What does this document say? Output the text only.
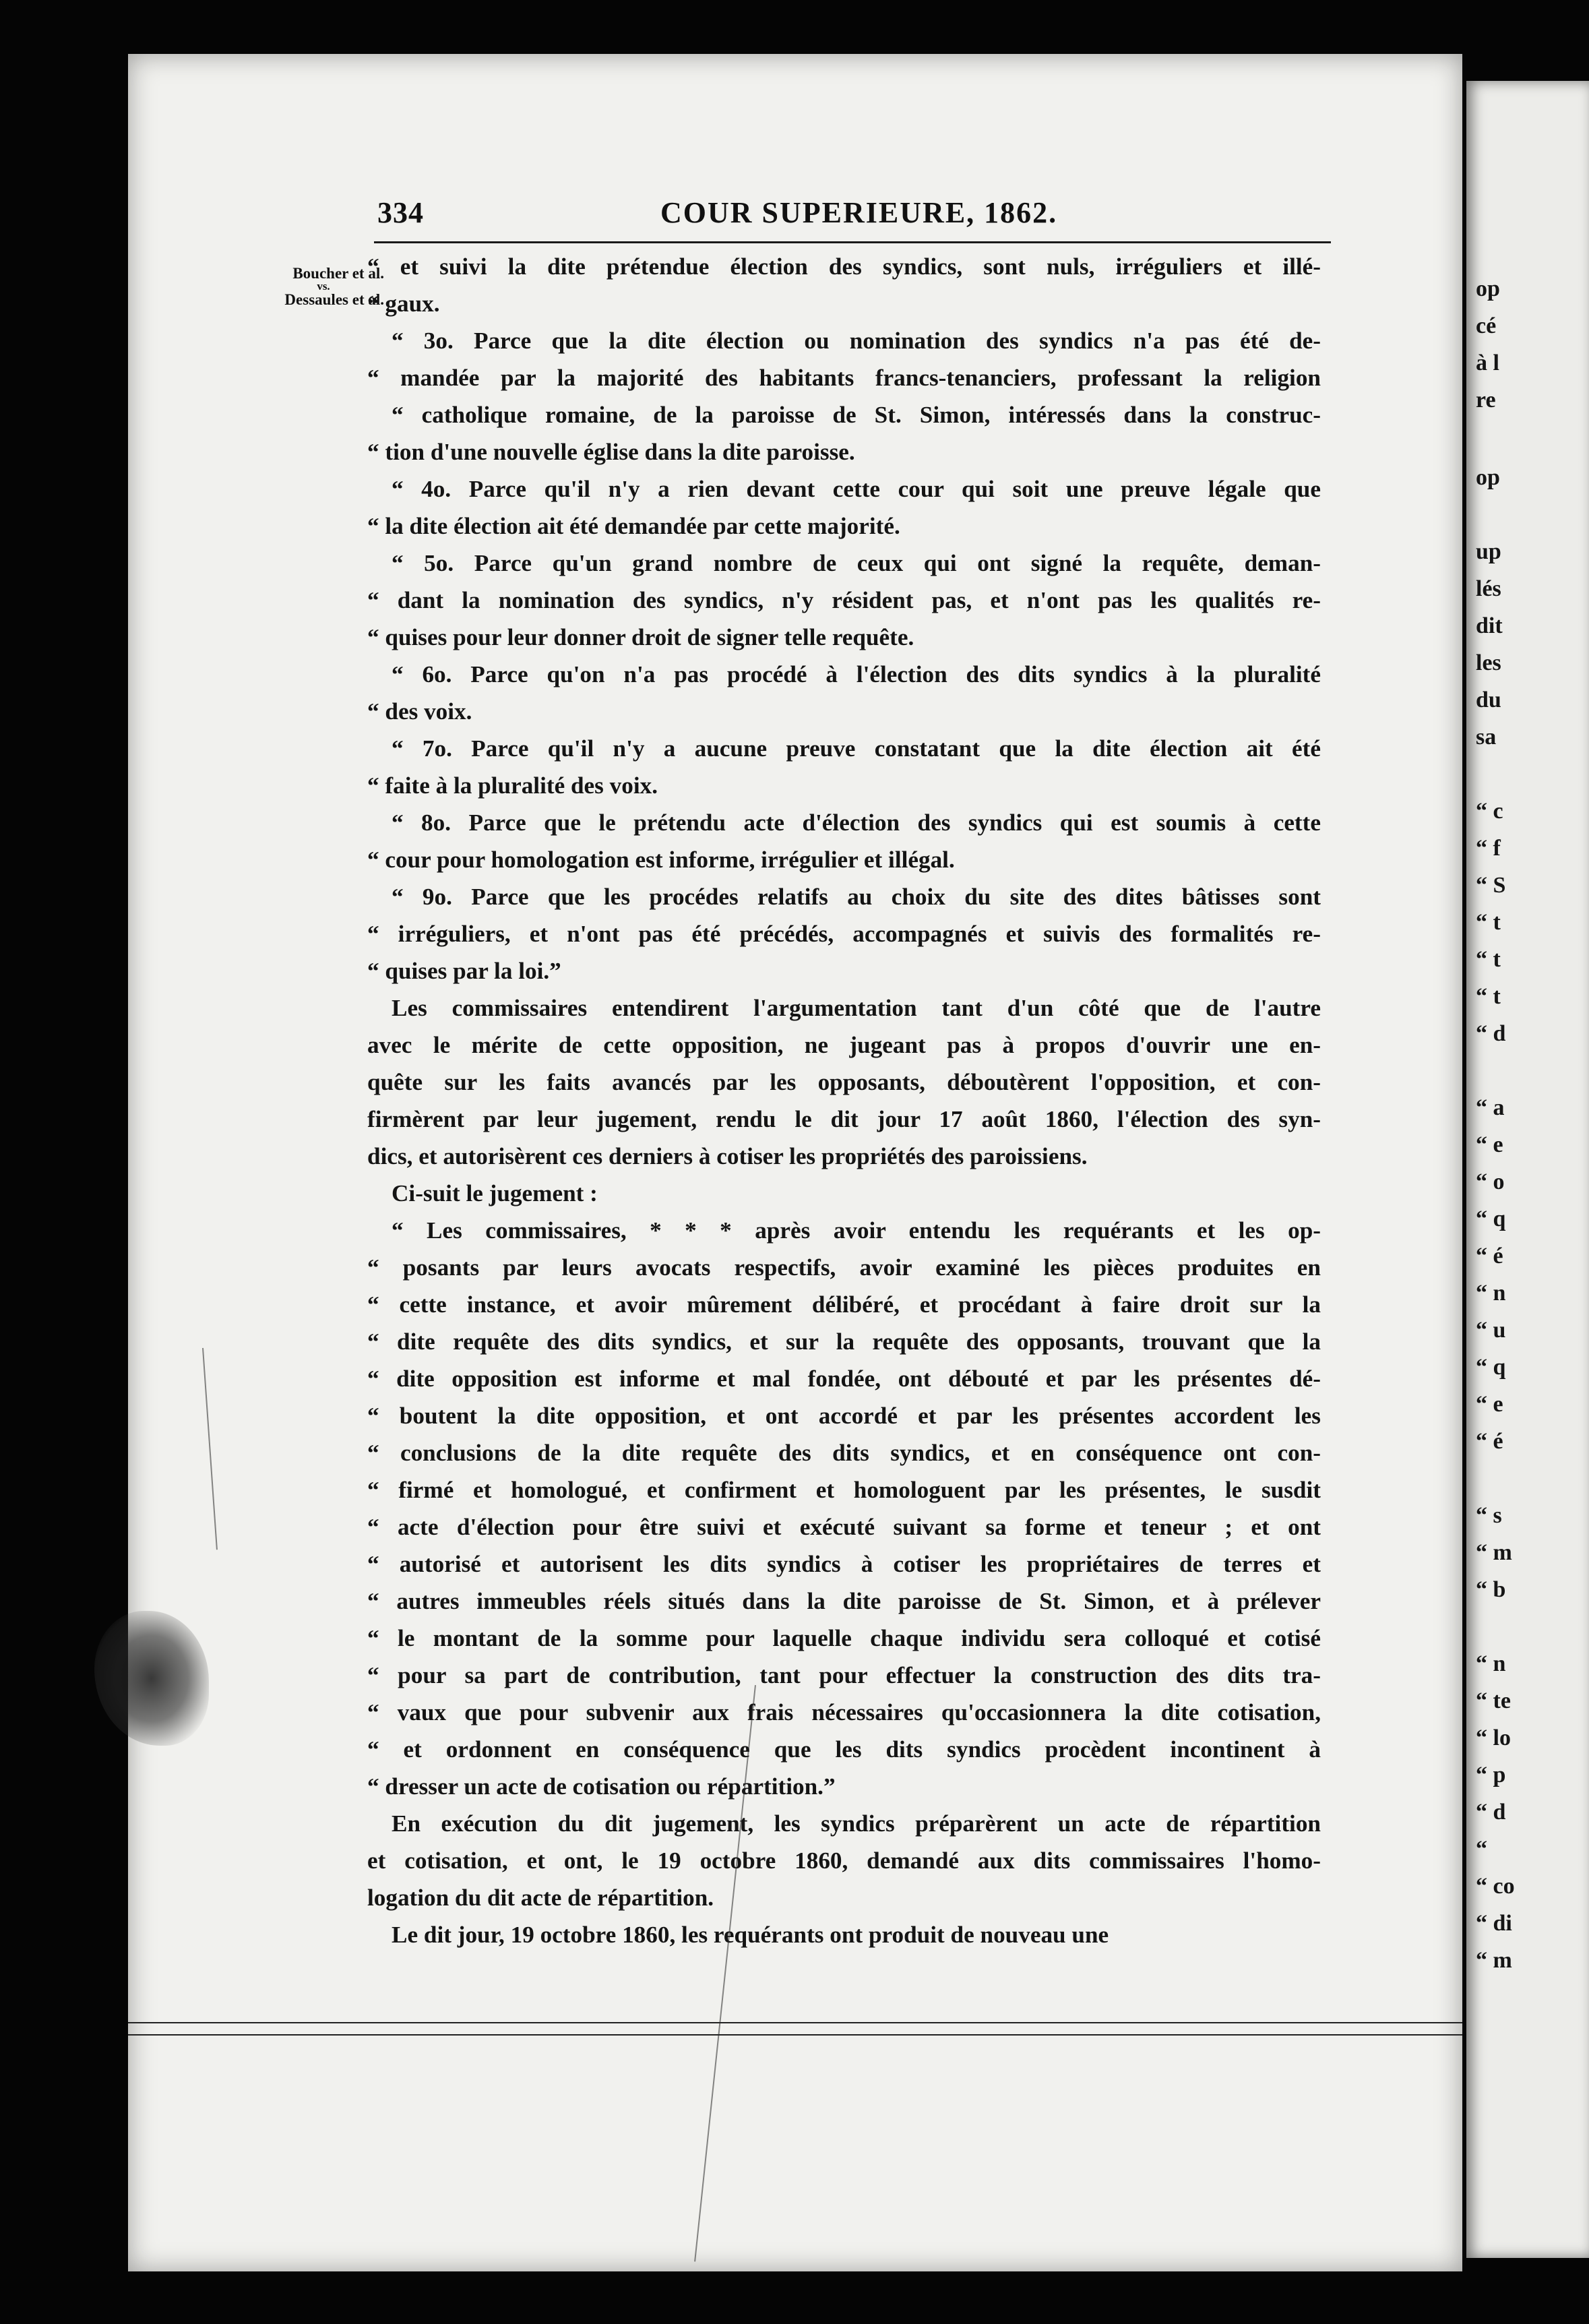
op
cé
à l
re
op
up
lés
dit
les
du
sa
“ c
“ f
“ S
“ t
“ t
“ t
“ d
“ a
“ e
“ o
“ q
“ é
“ n
“ u
“ q
“ e
“ é
“ s
“ m
“ b
“ n
“ te
“ lo
“ p
“ d
“
“ co
“ di
“ m
334	COUR SUPERIEURE, 1862.
Boucher et al.
vs.
Dessaules et al.

“ et suivi la dite prétendue élection des syndics, sont nuls, irréguliers et illé-

“ gaux.

“ 3o. Parce que la dite élection ou nomination des syndics n'a pas été de-

“ mandée par la majorité des habitants francs-tenanciers, professant la religion

“ catholique romaine, de la paroisse de St. Simon, intéressés dans la construc-

“ tion d'une nouvelle église dans la dite paroisse.

“ 4o. Parce qu'il n'y a rien devant cette cour qui soit une preuve légale que

“ la dite élection ait été demandée par cette majorité.

“ 5o. Parce qu'un grand nombre de ceux qui ont signé la requête, deman-

“ dant la nomination des syndics, n'y résident pas, et n'ont pas les qualités re-

“ quises pour leur donner droit de signer telle requête.

“ 6o. Parce qu'on n'a pas procédé à l'élection des dits syndics à la pluralité

“ des voix.

“ 7o. Parce qu'il n'y a aucune preuve constatant que la dite élection ait été

“ faite à la pluralité des voix.

“ 8o. Parce que le prétendu acte d'élection des syndics qui est soumis à cette

“ cour pour homologation est informe, irrégulier et illégal.

“ 9o. Parce que les procédes relatifs au choix du site des dites bâtisses sont

“ irréguliers, et n'ont pas été précédés, accompagnés et suivis des formalités re-

“ quises par la loi.”

Les commissaires entendirent l'argumentation tant d'un côté que de l'autre

avec le mérite de cette opposition, ne jugeant pas à propos d'ouvrir une en-

quête sur les faits avancés par les opposants, déboutèrent l'opposition, et con-

firmèrent par leur jugement, rendu le dit jour 17 août 1860, l'élection des syn-

dics, et autorisèrent ces derniers à cotiser les propriétés des paroissiens.

Ci-suit le jugement :

“ Les commissaires, * * * après avoir entendu les requérants et les op-

“ posants par leurs avocats respectifs, avoir examiné les pièces produites en

“ cette instance, et avoir mûrement délibéré, et procédant à faire droit sur la

“ dite requête des dits syndics, et sur la requête des opposants, trouvant que la

“ dite opposition est informe et mal fondée, ont débouté et par les présentes dé-

“ boutent la dite opposition, et ont accordé et par les présentes accordent les

“ conclusions de la dite requête des dits syndics, et en conséquence ont con-

“ firmé et homologué, et confirment et homologuent par les présentes, le susdit

“ acte d'élection pour être suivi et exécuté suivant sa forme et teneur ; et ont

“ autorisé et autorisent les dits syndics à cotiser les propriétaires de terres et

“ autres immeubles réels situés dans la dite paroisse de St. Simon, et à prélever

“ le montant de la somme pour laquelle chaque individu sera colloqué et cotisé

“ pour sa part de contribution, tant pour effectuer la construction des dits tra-

“ vaux que pour subvenir aux frais nécessaires qu'occasionnera la dite cotisation,

“ et ordonnent en conséquence que les dits syndics procèdent incontinent à

“ dresser un acte de cotisation ou répartition.”

En exécution du dit jugement, les syndics préparèrent un acte de répartition

et cotisation, et ont, le 19 octobre 1860, demandé aux dits commissaires l'homo-

logation du dit acte de répartition.

Le dit jour, 19 octobre 1860, les requérants ont produit de nouveau une
